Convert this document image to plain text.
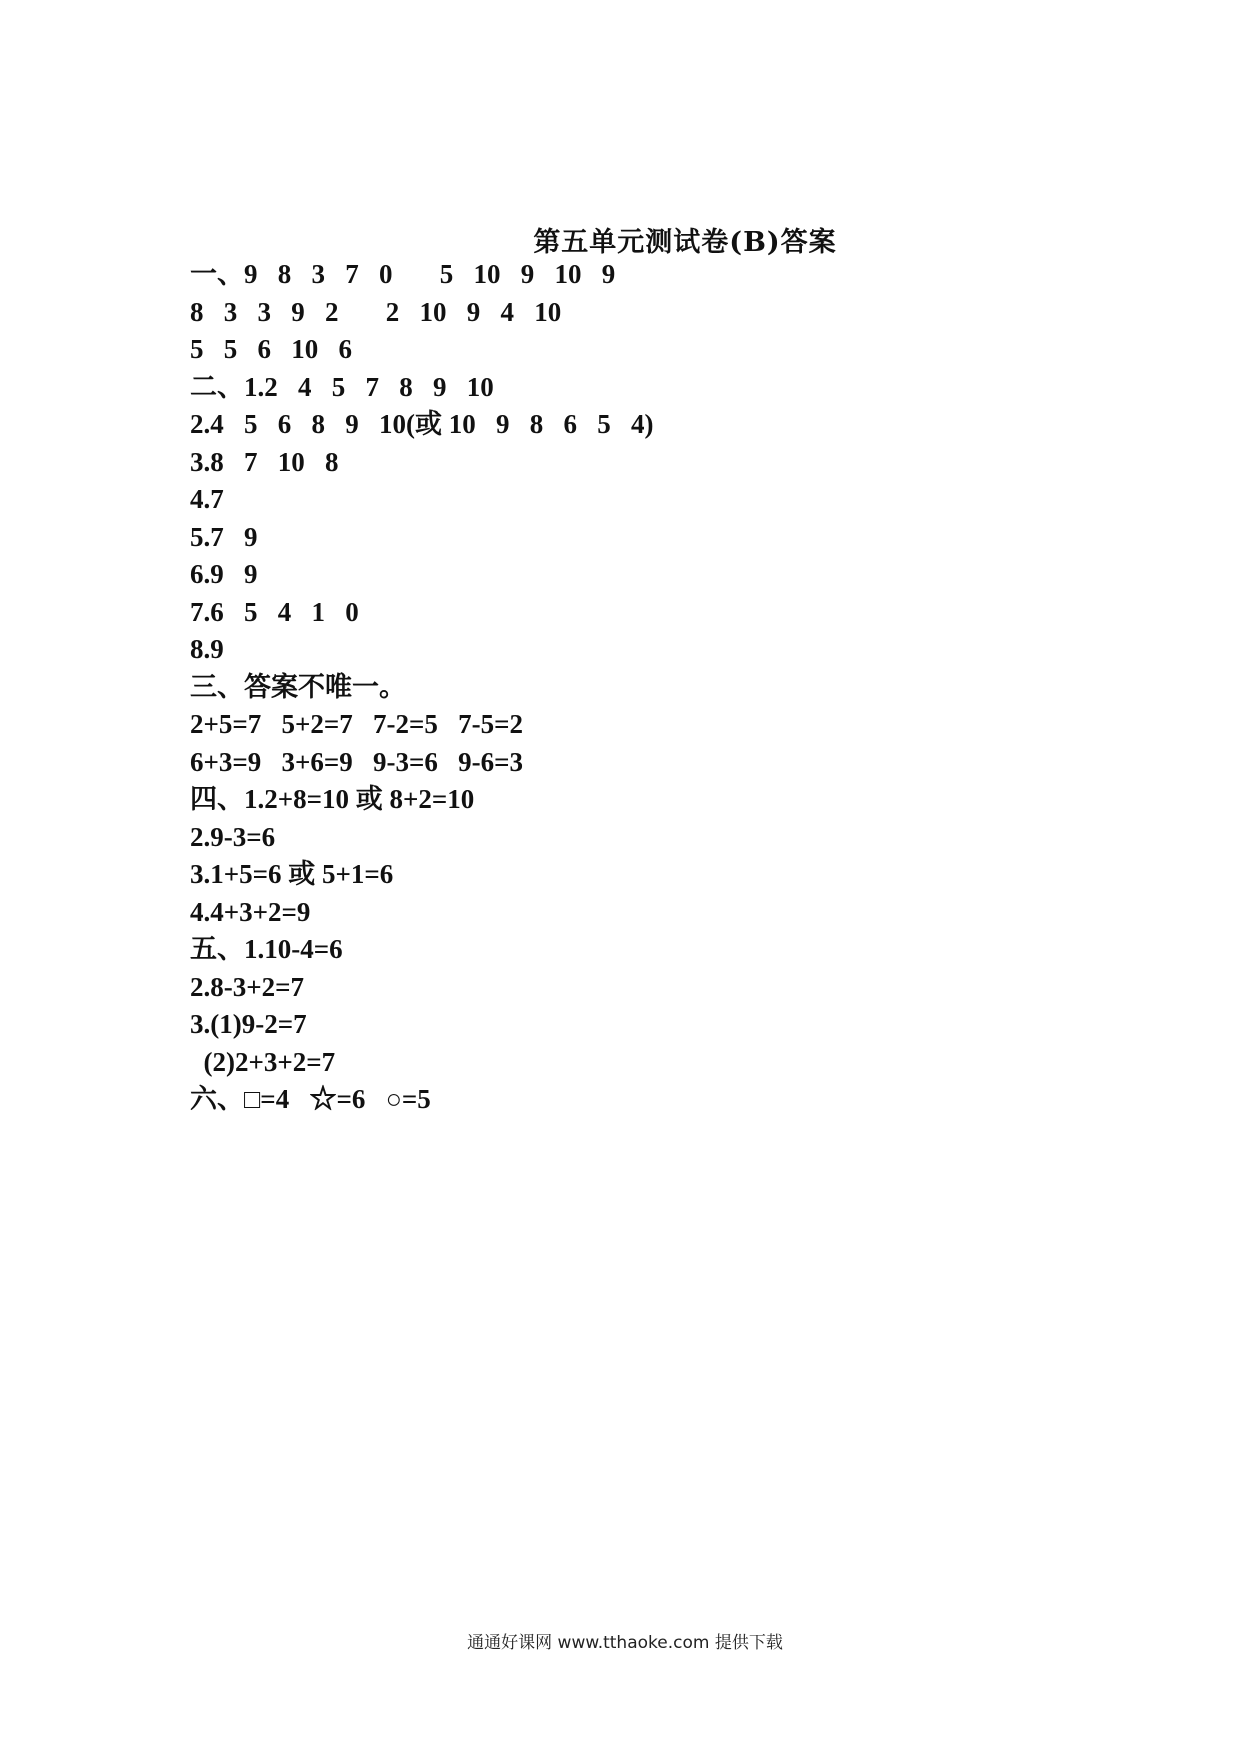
第五单元测试卷(B)答案
一、9   8   3   7   0       5   10   9   10   9
8   3   3   9   2       2   10   9   4   10
5   5   6   10   6
二、1.2   4   5   7   8   9   10
2.4   5   6   8   9   10(或 10   9   8   6   5   4)
3.8   7   10   8
4.7
5.7   9
6.9   9
7.6   5   4   1   0
8.9
三、答案不唯一。
2+5=7   5+2=7   7-2=5   7-5=2
6+3=9   3+6=9   9-3=6   9-6=3
四、1.2+8=10 或 8+2=10
2.9-3=6
3.1+5=6 或 5+1=6
4.4+3+2=9
五、1.10-4=6
2.8-3+2=7
3.(1)9-2=7
(2)2+3+2=7
六、□=4   ☆=6   ○=5
通通好课网 www.tthaoke.com 提供下载
